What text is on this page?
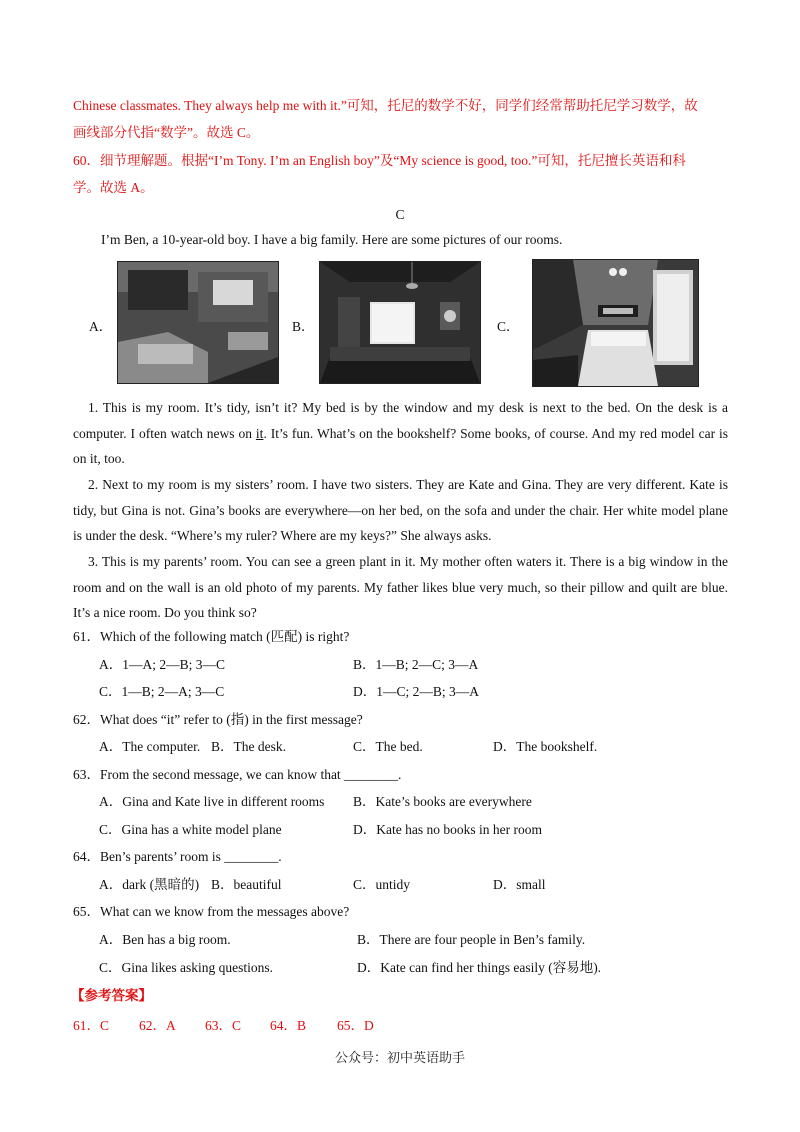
Chinese classmates. They always help me with it.”可知，托尼的数学不好，同学们经常帮助托尼学习数学，故
画线部分代指“数学”。故选 C。
60．细节理解题。根据“I’m Tony. I’m an English boy”及“My science is good, too.”可知，托尼擅长英语和科
学。故选 A。
C
I’m Ben, a 10-year-old boy. I have a big family. Here are some pictures of our rooms.
A．	B．	C．
1. This is my room. It’s tidy, isn’t it? My bed is by the window and my desk is next to the bed. On the desk is a computer. I often watch news on it. It’s fun. What’s on the bookshelf? Some books, of course. And my red model car is on it, too.
2. Next to my room is my sisters’ room. I have two sisters. They are Kate and Gina. They are very different. Kate is tidy, but Gina is not. Gina’s books are everywhere—on her bed, on the sofa and under the chair. Her white model plane is under the desk. “Where’s my ruler? Where are my keys?” She always asks.
3. This is my parents’ room. You can see a green plant in it. My mother often waters it. There is a big window in the room and on the wall is an old photo of my parents. My father likes blue very much, so their pillow and quilt are blue. It’s a nice room. Do you think so?
61．Which of the following match (匹配) is right?
A．1—A; 2—B; 3—C	B．1—B; 2—C; 3—A
C．1—B; 2—A; 3—C	D．1—C; 2—B; 3—A
62．What does “it” refer to (指) in the first message?
A．The computer. B．The desk.	C．The bed.	D．The bookshelf.
63．From the second message, we can know that ________.
A．Gina and Kate live in different rooms B．Kate’s books are everywhere
C．Gina has a white model plane	D．Kate has no books in her room
64．Ben’s parents’ room is ________.
A．dark (黑暗的) B．beautiful	C．untidy	D．small
65．What can we know from the messages above?
A．Ben has a big room.	B．There are four people in Ben’s family.
C．Gina likes asking questions.	D．Kate can find her things easily (容易地).
【参考答案】
61．C 62．A 63．C 64．B 65．D
公众号：初中英语助手
